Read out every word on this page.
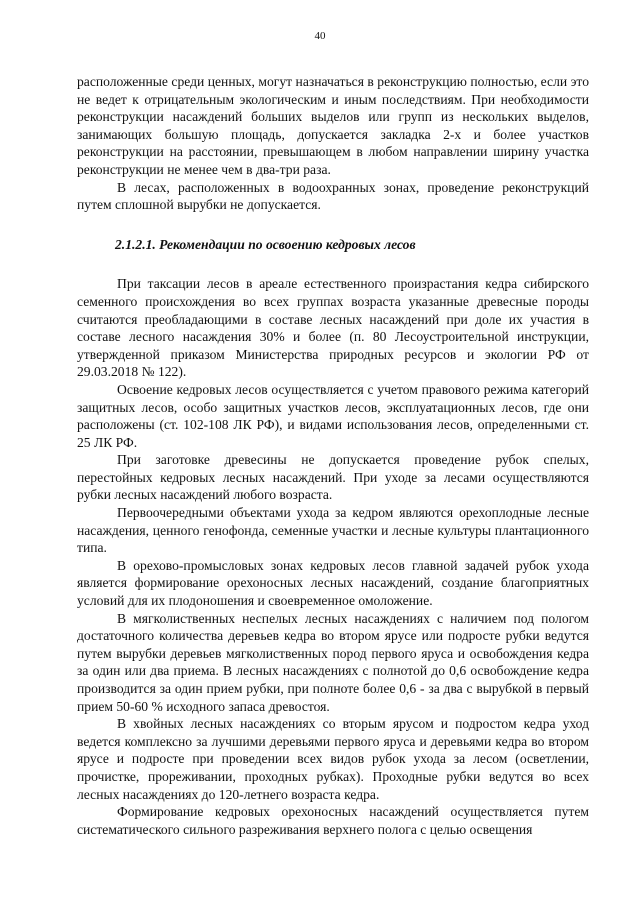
40

расположенные среди ценных, могут назначаться в реконструкцию полностью, если это не ведет к отрицательным экологическим и иным последствиям. При необходимости реконструкции насаждений больших выделов или групп из нескольких выделов, занимающих большую площадь, допускается закладка 2-х и более участков реконструкции на расстоянии, превышающем в любом направлении ширину участка реконструкции не менее чем в два-три раза.

В лесах, расположенных в водоохранных зонах, проведение реконструкций путем сплошной вырубки не допускается.

2.1.2.1. Рекомендации по освоению кедровых лесов

При таксации лесов в ареале естественного произрастания кедра сибирского семенного происхождения во всех группах возраста указанные древесные породы считаются преобладающими в составе лесных насаждений при доле их участия в составе лесного насаждения 30% и более (п. 80 Лесоустроительной инструкции, утвержденной приказом Министерства природных ресурсов и экологии РФ от 29.03.2018 № 122).

Освоение кедровых лесов осуществляется с учетом правового режима категорий защитных лесов, особо защитных участков лесов, эксплуатационных лесов, где они расположены (ст. 102-108 ЛК РФ), и видами использования лесов, определенными ст. 25 ЛК РФ.

При заготовке древесины не допускается проведение рубок спелых, перестойных кедровых лесных насаждений. При уходе за лесами осуществляются рубки лесных насаждений любого возраста.

Первоочередными объектами ухода за кедром являются орехоплодные лесные насаждения, ценного генофонда, семенные участки и лесные культуры плантационного типа.

В орехово-промысловых зонах кедровых лесов главной задачей рубок ухода является формирование орехоносных лесных насаждений, создание благоприятных условий для их плодоношения и своевременное омоложение.

В мягколиственных неспелых лесных насаждениях с наличием под пологом достаточного количества деревьев кедра во втором ярусе или подросте рубки ведутся путем вырубки деревьев мягколиственных пород первого яруса и освобождения кедра за один или два приема. В лесных насаждениях с полнотой до 0,6 освобождение кедра производится за один прием рубки, при полноте более 0,6 - за два с вырубкой в первый прием 50-60 % исходного запаса древостоя.

В хвойных лесных насаждениях со вторым ярусом и подростом кедра уход ведется комплексно за лучшими деревьями первого яруса и деревьями кедра во втором ярусе и подросте при проведении всех видов рубок ухода за лесом (осветлении, прочистке, прореживании, проходных рубках). Проходные рубки ведутся во всех лесных насаждениях до 120-летнего возраста кедра.

Формирование кедровых орехоносных насаждений осуществляется путем систематического сильного разреживания верхнего полога с целью освещения
